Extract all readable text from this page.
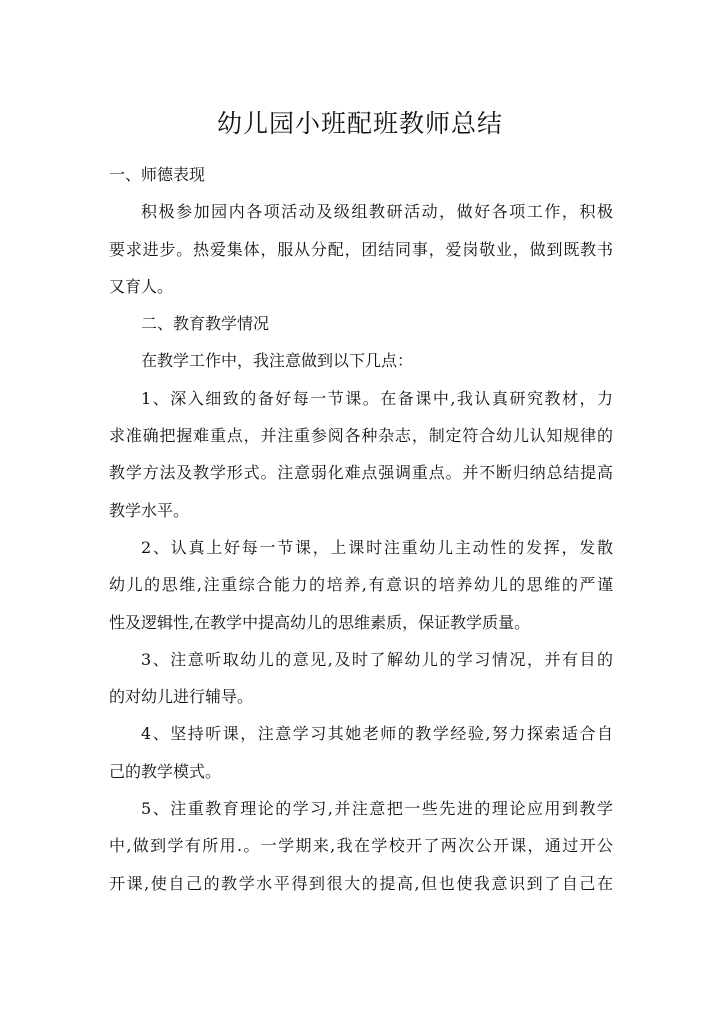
幼儿园小班配班教师总结

一、师德表现

积极参加园内各项活动及级组教研活动，做好各项工作，积极
要求进步。热爱集体，服从分配，团结同事，爱岗敬业，做到既教书
又育人。

二、教育教学情况

在教学工作中，我注意做到以下几点：

1、深入细致的备好每一节课。在备课中,我认真研究教材，力
求准确把握难重点，并注重参阅各种杂志，制定符合幼儿认知规律的
教学方法及教学形式。注意弱化难点强调重点。并不断归纳总结提高
教学水平。

2、认真上好每一节课，上课时注重幼儿主动性的发挥，发散
幼儿的思维,注重综合能力的培养,有意识的培养幼儿的思维的严谨
性及逻辑性,在教学中提高幼儿的思维素质，保证教学质量。

3、注意听取幼儿的意见,及时了解幼儿的学习情况，并有目的
的对幼儿进行辅导。

4、坚持听课，注意学习其她老师的教学经验,努力探索适合自
己的教学模式。

5、注重教育理论的学习,并注意把一些先进的理论应用到教学
中,做到学有所用.。一学期来,我在学校开了两次公开课，通过开公
开课,使自己的教学水平得到很大的提高,但也使我意识到了自己在
